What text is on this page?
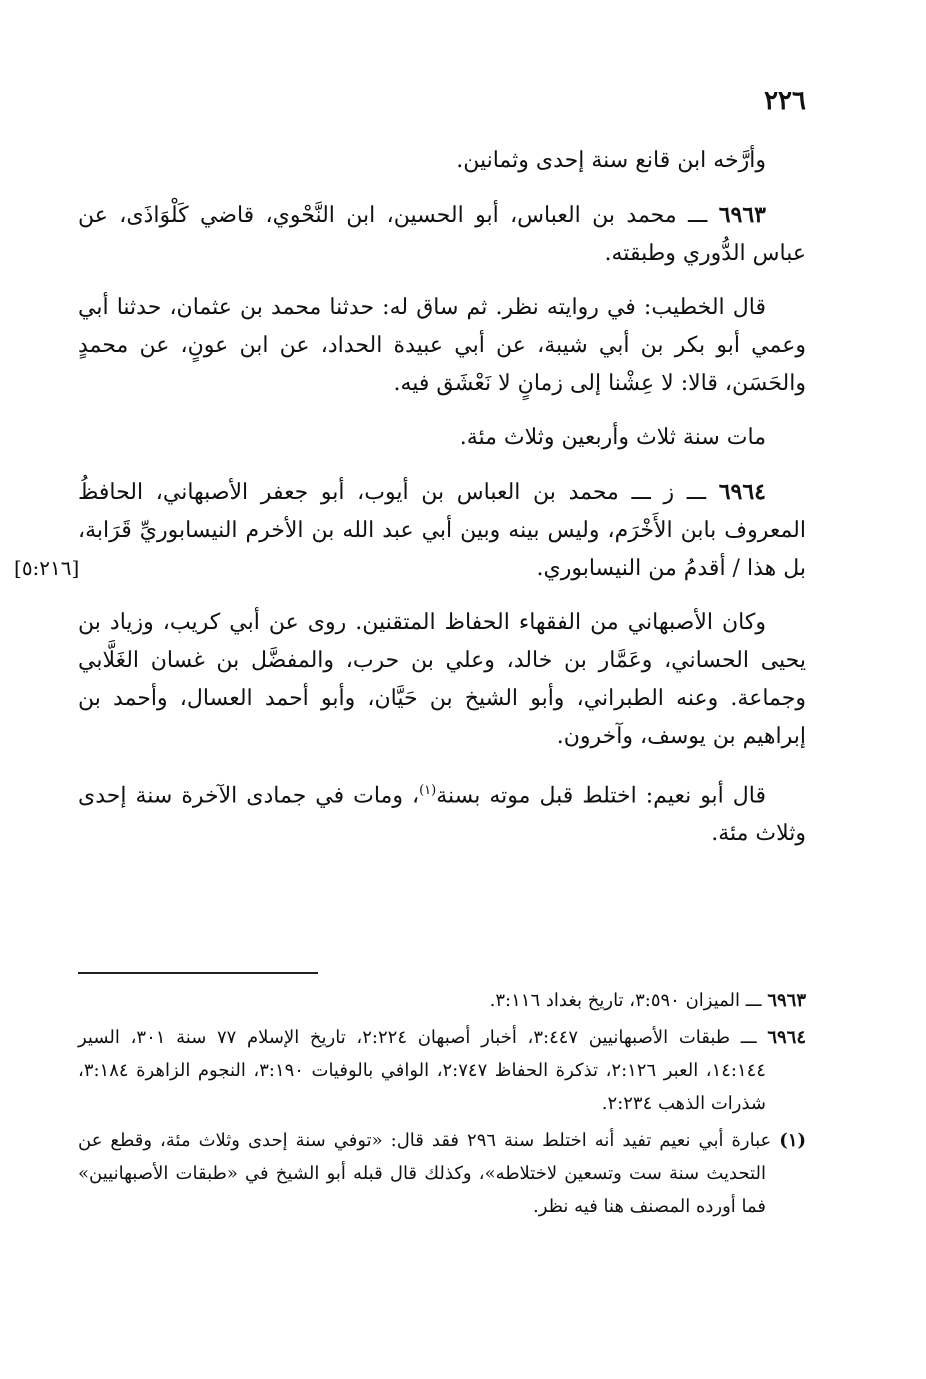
٢٢٦

وأرَّخه ابن قانع سنة إحدى وثمانين.

٦٩٦٣ ـــ محمد بن العباس، أبو الحسين، ابن النَّحْوي، قاضي كَلْوَاذَى، عن عباس الدُّوري وطبقته.

قال الخطيب: في روايته نظر. ثم ساق له: حدثنا محمد بن عثمان، حدثنا أبي وعمي أبو بكر بن أبي شيبة، عن أبي عبيدة الحداد، عن ابن عونٍ، عن محمدٍ والحَسَن، قالا: لا عِشْنا إلى زمانٍ لا نَعْشَق فيه.

مات سنة ثلاث وأربعين وثلاث مئة.

٦٩٦٤ ـــ ز ـــ محمد بن العباس بن أيوب، أبو جعفر الأصبهاني، الحافظُ المعروف بابن الأَخْرَم، وليس بينه وبين أبي عبد الله بن الأخرم النيسابوريِّ قَرَابة، بل هذا / أقدمُ من النيسابوري.
[٥:٢١٦]

وكان الأصبهاني من الفقهاء الحفاظ المتقنين. روى عن أبي كريب، وزياد بن يحيى الحساني، وعَمَّار بن خالد، وعلي بن حرب، والمفضَّل بن غسان الغَلَّابي وجماعة. وعنه الطبراني، وأبو الشيخ بن حَيَّان، وأبو أحمد العسال، وأحمد بن إبراهيم بن يوسف، وآخرون.

قال أبو نعيم: اختلط قبل موته بسنة$^{(١)}$، ومات في جمادى الآخرة سنة إحدى وثلاث مئة.

٦٩٦٣ ـــ الميزان ٣:٥٩٠، تاريخ بغداد ٣:١١٦.

٦٩٦٤ ـــ طبقات الأصبهانيين ٣:٤٤٧، أخبار أصبهان ٢:٢٢٤، تاريخ الإسلام ٧٧ سنة ٣٠١، السير ١٤:١٤٤، العبر ٢:١٢٦، تذكرة الحفاظ ٢:٧٤٧، الوافي بالوفيات ٣:١٩٠، النجوم الزاهرة ٣:١٨٤، شذرات الذهب ٢:٢٣٤.

(١) عبارة أبي نعيم تفيد أنه اختلط سنة ٢٩٦ فقد قال: «توفي سنة إحدى وثلاث مئة، وقطع عن التحديث سنة ست وتسعين لاختلاطه»، وكذلك قال قبله أبو الشيخ في «طبقات الأصبهانيين» فما أورده المصنف هنا فيه نظر.
